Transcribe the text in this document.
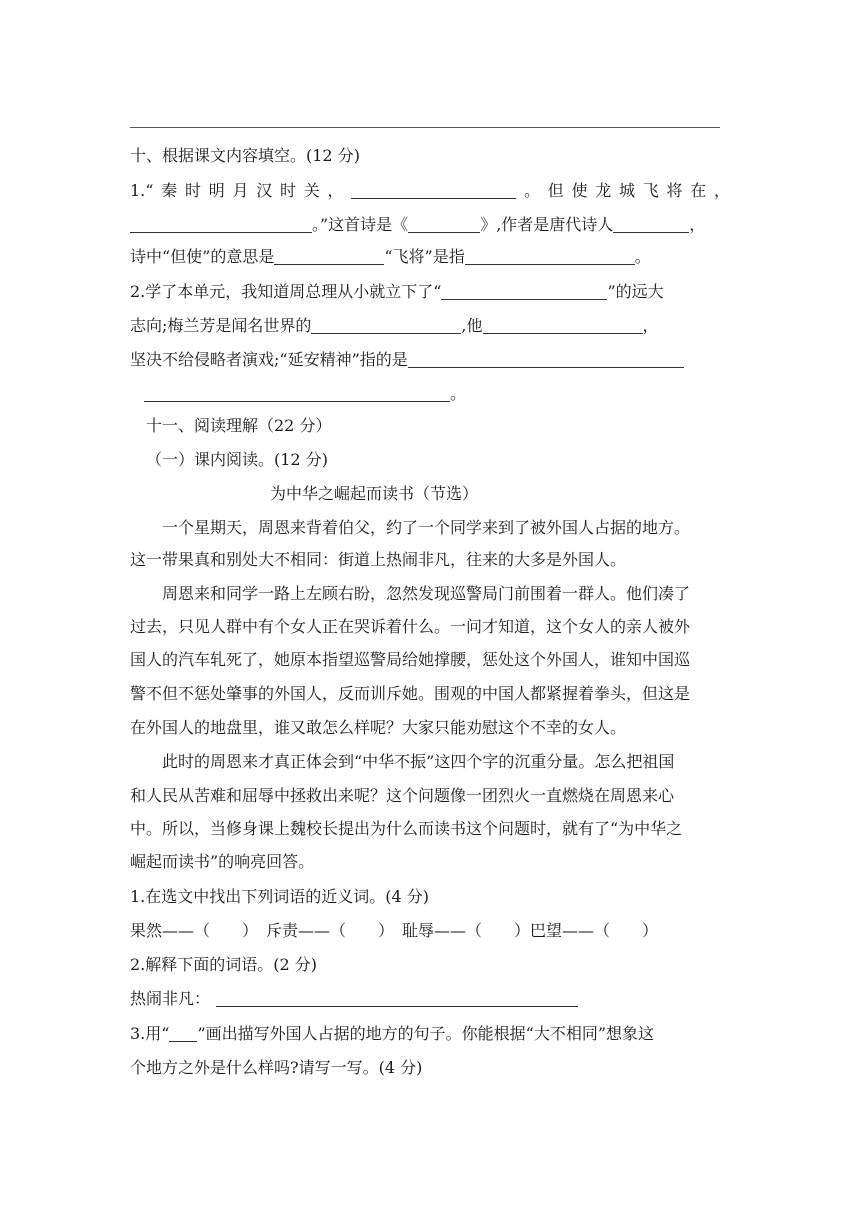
十、根据课文内容填空。(12 分)
1.“秦时明月汉时关，	。但使龙城飞将在，
。”这首诗是《	》,作者是唐代诗人	，
诗中“但使”的意思是	“飞将”是指	。
2.学了本单元，我知道周总理从小就立下了“	”的远大
志向;梅兰芳是闻名世界的	,他	，
坚决不给侵略者演戏;“延安精神”指的是
。
十一、阅读理解（22 分）
（一）课内阅读。(12 分)
为中华之崛起而读书（节选）
一个星期天，周恩来背着伯父，约了一个同学来到了被外国人占据的地方。
这一带果真和别处大不相同：街道上热闹非凡，往来的大多是外国人。
周恩来和同学一路上左顾右盼，忽然发现巡警局门前围着一群人。他们凑了
过去，只见人群中有个女人正在哭诉着什么。一问才知道，这个女人的亲人被外
国人的汽车轧死了，她原本指望巡警局给她撑腰，惩处这个外国人，谁知中国巡
警不但不惩处肇事的外国人，反而训斥她。围观的中国人都紧握着拳头，但这是
在外国人的地盘里，谁又敢怎么样呢？大家只能劝慰这个不幸的女人。
此时的周恩来才真正体会到“中华不振”这四个字的沉重分量。怎么把祖国
和人民从苦难和屈辱中拯救出来呢？这个问题像一团烈火一直燃烧在周恩来心
中。所以，当修身课上魏校长提出为什么而读书这个问题时，就有了“为中华之
崛起而读书”的响亮回答。
1.在选文中找出下列词语的近义词。(4 分)
果然——（　　）　斥责——（　　）　耻辱——（　　）巴望——（　　）
2.解释下面的词语。(2 分)
热闹非凡：
3.用“ ”画出描写外国人占据的地方的句子。你能根据“大不相同”想象这
个地方之外是什么样吗?请写一写。(4 分)
